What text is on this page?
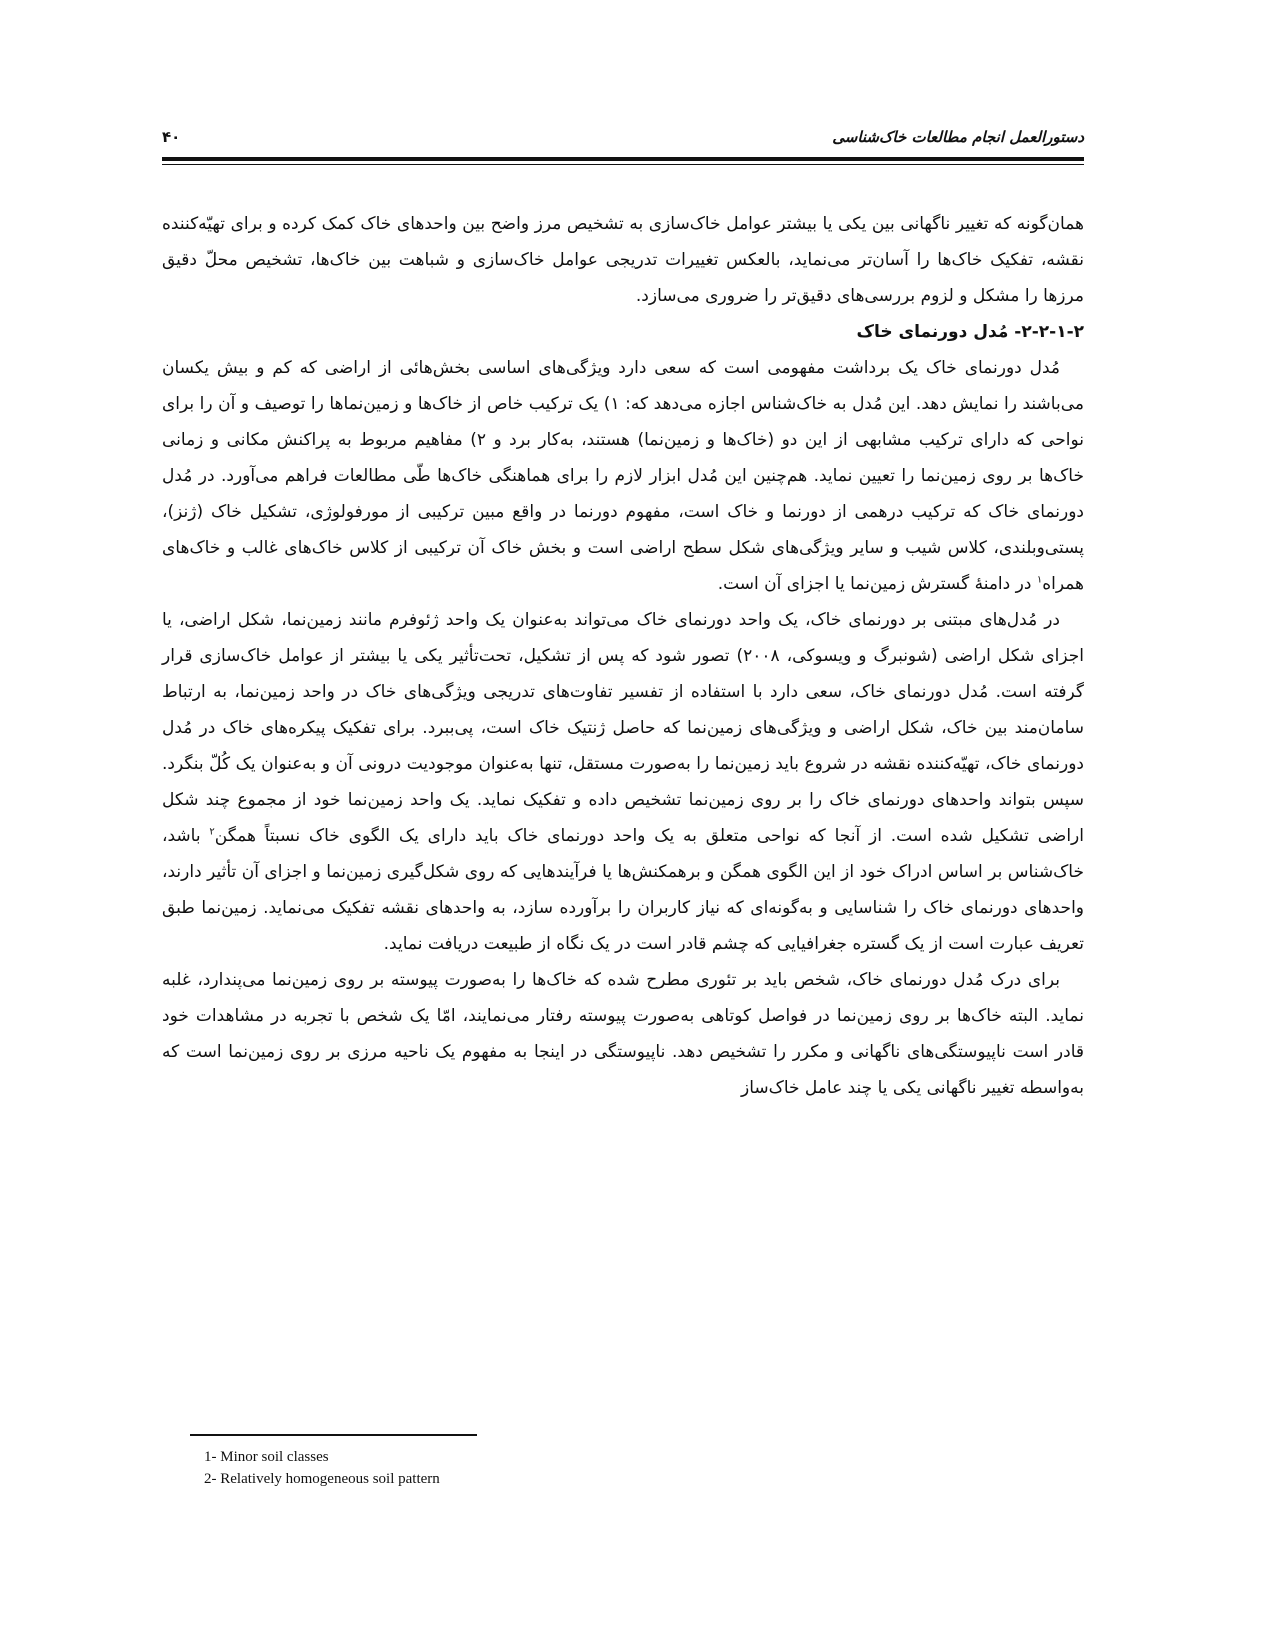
دستورالعمل انجام مطالعات خاک‌شناسی
۴۰

همان‌گونه که تغییر ناگهانی بین یکی یا بیشتر عوامل خاک‌سازی به تشخیص مرز واضح بین واحدهای خاک کمک کرده و برای تهیّه‌کننده نقشه، تفکیک خاک‌ها را آسان‌تر می‌نماید، بالعکس تغییرات تدریجی عوامل خاک‌سازی و شباهت بین خاک‌ها، تشخیص محلّ دقیق مرزها را مشکل و لزوم بررسی‌های دقیق‌تر را ضروری می‌سازد.

۲-۲-۱-۲- مُدل دورنمای خاک

مُدل دورنمای خاک یک برداشت مفهومی است که سعی دارد ویژگی‌های اساسی بخش‌هائی از اراضی که کم و بیش یکسان می‌باشند را نمایش دهد. این مُدل به خاک‌شناس اجازه می‌دهد که: ۱) یک ترکیب خاص از خاک‌ها و زمین‌نماها را توصیف و آن را برای نواحی که دارای ترکیب مشابهی از این دو (خاک‌ها و زمین‌نما) هستند، به‌کار برد و ۲) مفاهیم مربوط به پراکنش مکانی و زمانی خاک‌ها بر روی زمین‌نما را تعیین نماید. هم‌چنین این مُدل ابزار لازم را برای هماهنگی خاک‌ها طّی مطالعات فراهم می‌آورد. در مُدل دورنمای خاک که ترکیب درهمی از دورنما و خاک است، مفهوم دورنما در واقع مبین ترکیبی از مورفولوژی، تشکیل خاک (ژنز)، پستی‌وبلندی، کلاس شیب و سایر ویژگی‌های شکل سطح اراضی است و بخش خاک آن ترکیبی از کلاس خاک‌های غالب و خاک‌های همراه$^۱$ در دامنهٔ گسترش زمین‌نما یا اجزای آن است.

در مُدل‌های مبتنی بر دورنمای خاک، یک واحد دورنمای خاک می‌تواند به‌عنوان یک واحد ژئوفرم مانند زمین‌نما، شکل اراضی، یا اجزای شکل اراضی (شونبرگ و ویسوکی، ۲۰۰۸) تصور شود که پس از تشکیل، تحت‌تأثیر یکی یا بیشتر از عوامل خاک‌سازی قرار گرفته است. مُدل دورنمای خاک، سعی دارد با استفاده از تفسیر تفاوت‌های تدریجی ویژگی‌های خاک در واحد زمین‌نما، به ارتباط سامان‌مند بین خاک، شکل اراضی و ویژگی‌های زمین‌نما که حاصل ژنتیک خاک است، پی‌ببرد. برای تفکیک پیکره‌های خاک در مُدل دورنمای خاک، تهیّه‌کننده نقشه در شروع باید زمین‌نما را به‌صورت مستقل، تنها به‌عنوان موجودیت درونی آن و به‌عنوان یک کُلّ بنگرد. سپس بتواند واحدهای دورنمای خاک را بر روی زمین‌نما تشخیص داده و تفکیک نماید. یک واحد زمین‌نما خود از مجموع چند شکل اراضی تشکیل شده است. از آنجا که نواحی متعلق به یک واحد دورنمای خاک باید دارای یک الگوی خاک نسبتاً همگن$^۲$ باشد، خاک‌شناس بر اساس ادراک خود از این الگوی همگن و برهمکنش‌ها یا فرآیندهایی که روی شکل‌گیری زمین‌نما و اجزای آن تأثیر دارند، واحدهای دورنمای خاک را شناسایی و به‌گونه‌ای که نیاز کاربران را برآورده سازد، به واحدهای نقشه تفکیک می‌نماید. زمین‌نما طبق تعریف عبارت است از یک گستره جغرافیایی که چشم قادر است در یک نگاه از طبیعت دریافت نماید.

برای درک مُدل دورنمای خاک، شخص باید بر تئوری مطرح شده که خاک‌ها را به‌صورت پیوسته بر روی زمین‌نما می‌پندارد، غلبه نماید. البته خاک‌ها بر روی زمین‌نما در فواصل کوتاهی به‌صورت پیوسته رفتار می‌نمایند، امّا یک شخص با تجربه در مشاهدات خود قادر است ناپیوستگی‌های ناگهانی و مکرر را تشخیص دهد. ناپیوستگی در اینجا به مفهوم یک ناحیه مرزی بر روی زمین‌نما است که به‌واسطه تغییر ناگهانی یکی یا چند عامل خاک‌ساز

1- Minor soil classes
2- Relatively homogeneous soil pattern
